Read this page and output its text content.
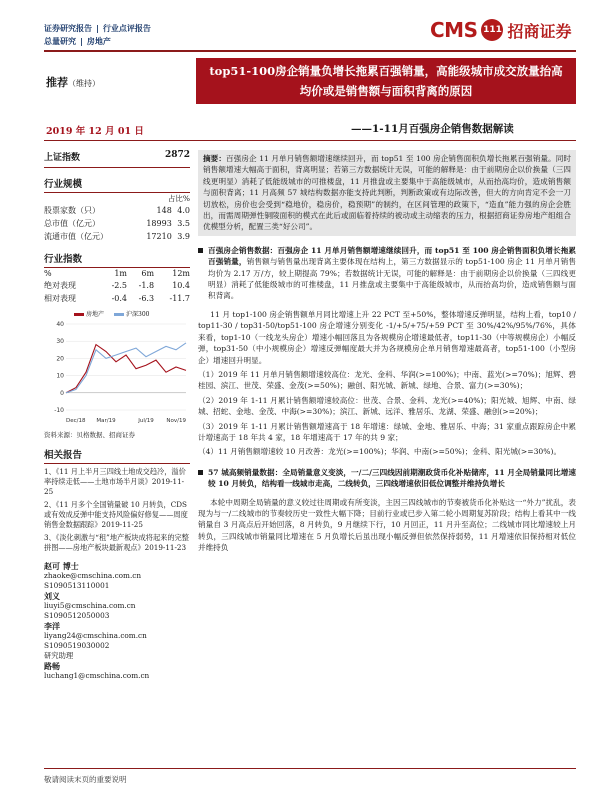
证券研究报告 | 行业点评报告
总量研究 | 房地产	CMS 111 招商证券
推荐（维持）
top51-100房企销量负增长拖累百强销量，高能级城市成交放量抬高均价或是销售额与面积背离的原因
2019 年 12 月 01 日	——1-11月百强房企销售数据解读
上证指数	2872
行业规模
占比%
股票家数（只）	148	4.0
总市值（亿元）	18993	3.5
流通市值（亿元）	17210	3.9
行业指数
%	1m	6m	12m
绝对表现	-2.5	-1.8	10.4
相对表现	-0.4	-6.3	-11.7
房地产	沪深300
40
30
20
10
0
-10
Dec/18 Mar/19	Jul/19 Nov/19
资料来源：贝格数据、招商证券
相关报告

1、《11 月上半月三四线土地成交趋冷，溢价率持续走低——土地市场半月谈》2019-11-25

2、《11 月多个全国销量破 10 月转负，CDS 或有效成反弹中能支持风险偏好修复——周度销售金数据跟踪》2019-11-25

3、《淡化刺激与“租”地产板块成将起来的完整拼图——房地产板块最新观点》2019-11-23

赵可 博士
zhaoke@cmschina.com.cn
S1090513110001
刘义
liuyi5@cmschina.com.cn
S1090512050003
李洋
liyang24@cmschina.com.cn
S1090519030002
研究助理
路畅
luchang1@cmschina.com.cn
摘要：百强房企 11 月单月销售额增速继续回升，而 top51 至 100 房企销售面积负增长拖累百强销量。同时销售额增速大幅高于面积，背离明显；若第三方数据统计无误，可能的解释是：由于前期房企以价换量（三四线更明显）消耗了低能级城市的可推楼盘，11 月推盘或主要集中于高能级城市，从而抬高均价，造成销售额与面积背离；11 月高频 57 城结构数据亦能支持此判断，判断政策或有边际改善，但大的方向肯定不会一刀切放松，房价也会受到“稳地价，稳房价，稳预期”的制约，在区间管理的政策下，“造血”能力强的房企会胜出，而需周期弹性铜陵面积的模式在此后或面临着持续的被动或主动缩表的压力，根据招商证券房地产组组合优模型分析，配置三类“好公司”。
百强房企销售数据：百强房企 11 月单月销售额增速继续回升，而 top51 至 100 房企销售面积负增长拖累百强销量，销售额与销售量出现背离主要体现在结构上，第三方数据显示的 top51-100 房企 11 月单月销售均价为 2.17 万/方，较上期提高 79%；若数据统计无误，可能的解释是：由于前期房企以价换量（三四线更明显）消耗了低能级城市的可推楼盘，11 月推盘或主要集中于高能级城市，从而抬高均价，造成销售额与面积背离。
11 月 top1-100 房企销售额单月同比增速上升 22 PCT 至+50%，整体增速反弹明显，结构上看，top10 / top11-30 / top31-50/top51-100 房企增速分别变化 -1/+5/+75/+59 PCT 至 30%/42%/95%/76%，具体来看，top1-10（一线龙头房企）增速小幅回落且为各规模房企增速最低者，top11-30（中等规模房企）小幅反弹，top31-50（中小规模房企）增速反弹幅度最大并为各规模房企单月销售增速最高者，top51-100（小型房企）增速回升明显。
（1）2019 年 11 月单月销售额增速较高位：龙光、金科、华润(>=100%)；中南、蓝光(>=70%)；旭辉、碧桂园、滨江、世茂、荣盛、金茂(>=50%)；融创、阳光城、新城、绿地、合景、富力(>=30%)；
（2）2019 年 1-11 月累计销售额增速较高位：世茂、合景、金科、龙光(>=40%)；阳光城、旭辉、中南、绿城、招蛇、金地、金茂、中海(>=30%)；滨江、新城、远洋、雅居乐、龙湖、荣盛、融创(>=20%)；
（3）2019 年 1-11 月累计销售额增速高于 18 年增速：绿城、金地、雅居乐、中海；31 家重点跟踪房企中累计增速高于 18 年共 4 家，18 年增速高于 17 年的共 9 家；
（4）11 月销售额增速较 10 月改善：龙光(>=100%)；华润、中南(>=50%)；金科、阳光城(>=30%)。
57 城高频销量数据：全局销量意义变淡，一/二/三四线因前期潮政货币化补贴储库，11 月全局销量同比增速较 10 月转负，结构看一线城市走高，二线转负，三四线增速依旧低位调整并维持负增长
本轮中周期全局销量的意义较过往周期或有所变淡，主因三四线城市的节奏被货币化补贴这一“外力”扰乱，表现为与一/二线城市的节奏较历史一致性大幅下降；目前行业或已步入第二轮小周期复苏阶段；结构上看其中一线销量自 3 月高点后开始回落，8 月转负，9 月继续下行，10 月回正，11 月升至高位；二线城市同比增速较上月转负，三四线城市销量同比增速在 5 月负增长后虽出现小幅反弹但依然保持弱势，11 月增速依旧保持相对低位并维持负
敬请阅读末页的重要说明
